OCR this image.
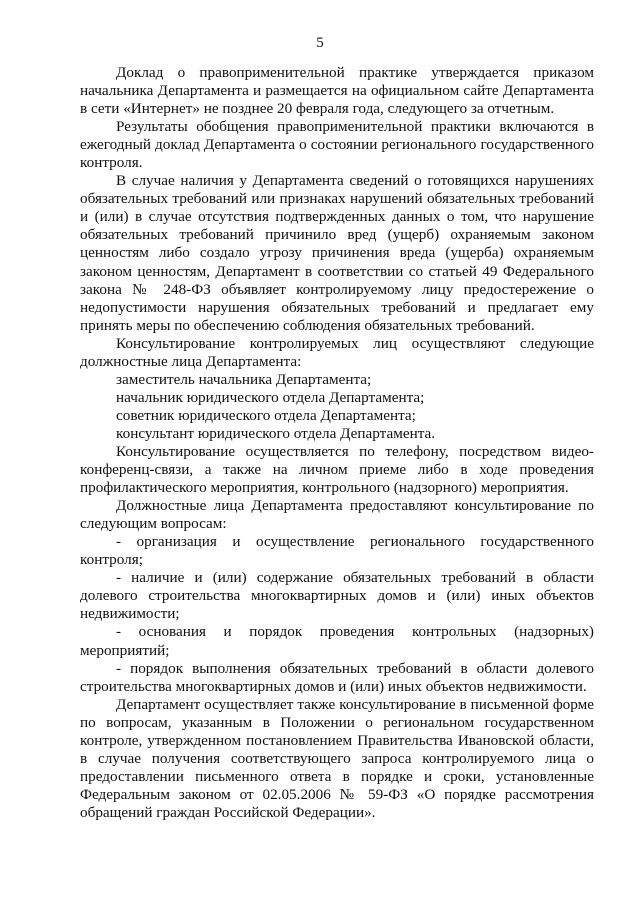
5

Доклад о правоприменительной практике утверждается приказом начальника Департамента и размещается на официальном сайте Департамента в сети «Интернет» не позднее 20 февраля года, следующего за отчетным.

Результаты обобщения правоприменительной практики включаются в ежегодный доклад Департамента о состоянии регионального государственного контроля.

В случае наличия у Департамента сведений о готовящихся нарушениях обязательных требований или признаках нарушений обязательных требований и (или) в случае отсутствия подтвержденных данных о том, что нарушение обязательных требований причинило вред (ущерб) охраняемым законом ценностям либо создало угрозу причинения вреда (ущерба) охраняемым законом ценностям, Департамент в соответствии со статьей 49 Федерального закона № 248-ФЗ объявляет контролируемому лицу предостережение о недопустимости нарушения обязательных требований и предлагает ему принять меры по обеспечению соблюдения обязательных требований.

Консультирование контролируемых лиц осуществляют следующие должностные лица Департамента:

заместитель начальника Департамента;

начальник юридического отдела Департамента;

советник юридического отдела Департамента;

консультант юридического отдела Департамента.

Консультирование осуществляется по телефону, посредством видео-конференц-связи, а также на личном приеме либо в ходе проведения профилактического мероприятия, контрольного (надзорного) мероприятия.

Должностные лица Департамента предоставляют консультирование по следующим вопросам:

- организация и осуществление регионального государственного контроля;

- наличие и (или) содержание обязательных требований в области долевого строительства многоквартирных домов и (или) иных объектов недвижимости;

- основания и порядок проведения контрольных (надзорных) мероприятий;

- порядок выполнения обязательных требований в области долевого строительства многоквартирных домов и (или) иных объектов недвижимости.

Департамент осуществляет также консультирование в письменной форме по вопросам, указанным в Положении о региональном государственном контроле, утвержденном постановлением Правительства Ивановской области, в случае получения соответствующего запроса контролируемого лица о предоставлении письменного ответа в порядке и сроки, установленные Федеральным законом от 02.05.2006 № 59-ФЗ «О порядке рассмотрения обращений граждан Российской Федерации».
